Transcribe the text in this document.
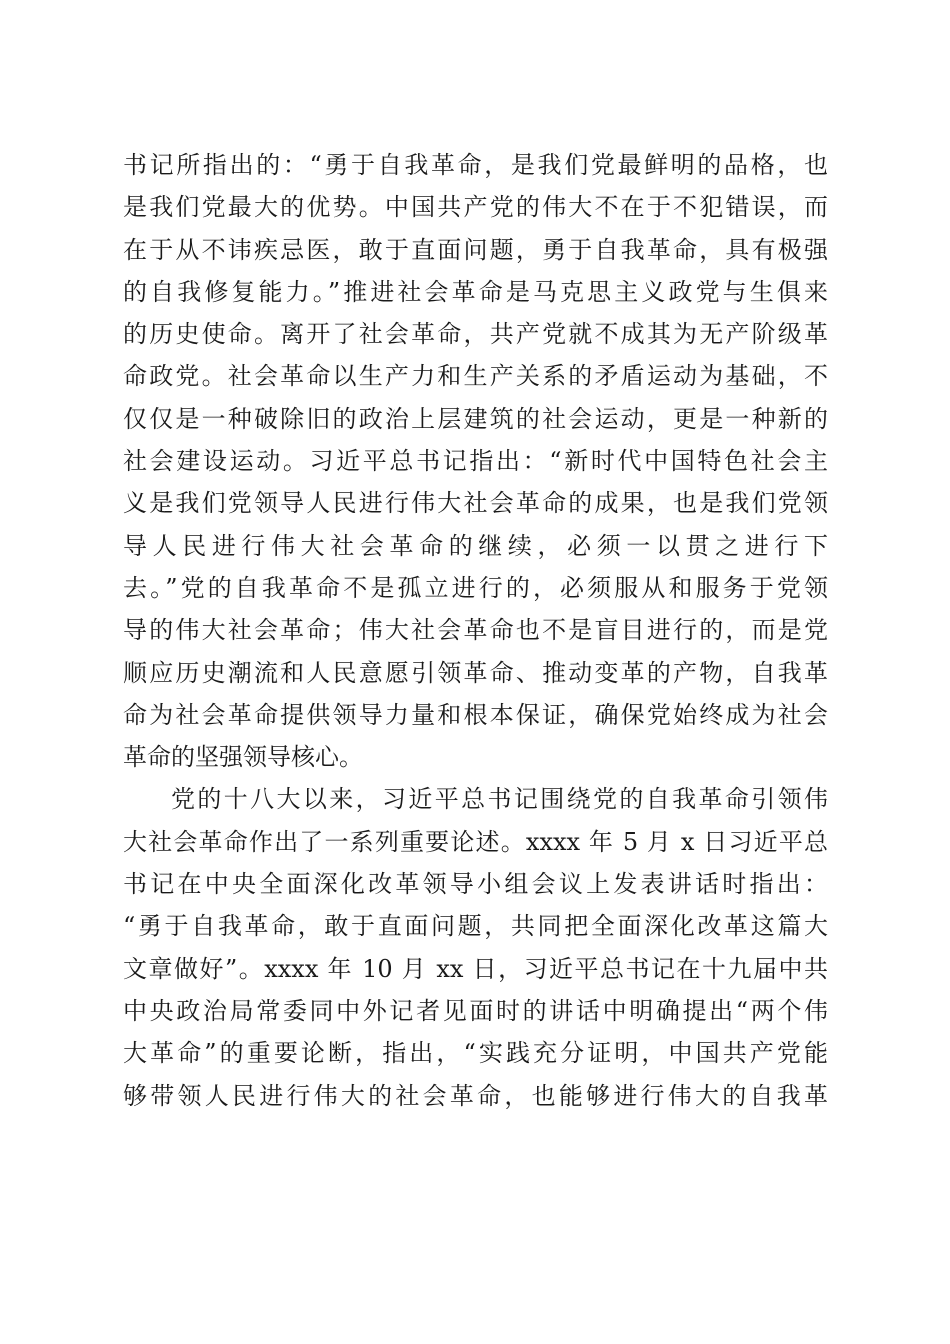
书记所指出的：“勇于自我革命，是我们党最鲜明的品格，也
是我们党最大的优势。中国共产党的伟大不在于不犯错误，而
在于从不讳疾忌医，敢于直面问题，勇于自我革命，具有极强
的自我修复能力。”推进社会革命是马克思主义政党与生俱来
的历史使命。离开了社会革命，共产党就不成其为无产阶级革
命政党。社会革命以生产力和生产关系的矛盾运动为基础，不
仅仅是一种破除旧的政治上层建筑的社会运动，更是一种新的
社会建设运动。习近平总书记指出：“新时代中国特色社会主
义是我们党领导人民进行伟大社会革命的成果，也是我们党领
导人民进行伟大社会革命的继续，必须一以贯之进行下
去。”党的自我革命不是孤立进行的，必须服从和服务于党领
导的伟大社会革命；伟大社会革命也不是盲目进行的，而是党
顺应历史潮流和人民意愿引领革命、推动变革的产物，自我革
命为社会革命提供领导力量和根本保证，确保党始终成为社会
革命的坚强领导核心。
党的十八大以来，习近平总书记围绕党的自我革命引领伟
大社会革命作出了一系列重要论述。xxxx 年 5 月 x 日习近平总
书记在中央全面深化改革领导小组会议上发表讲话时指出：
“勇于自我革命，敢于直面问题，共同把全面深化改革这篇大
文章做好”。xxxx 年 10 月 xx 日，习近平总书记在十九届中共
中央政治局常委同中外记者见面时的讲话中明确提出“两个伟
大革命”的重要论断，指出，“实践充分证明，中国共产党能
够带领人民进行伟大的社会革命，也能够进行伟大的自我革
